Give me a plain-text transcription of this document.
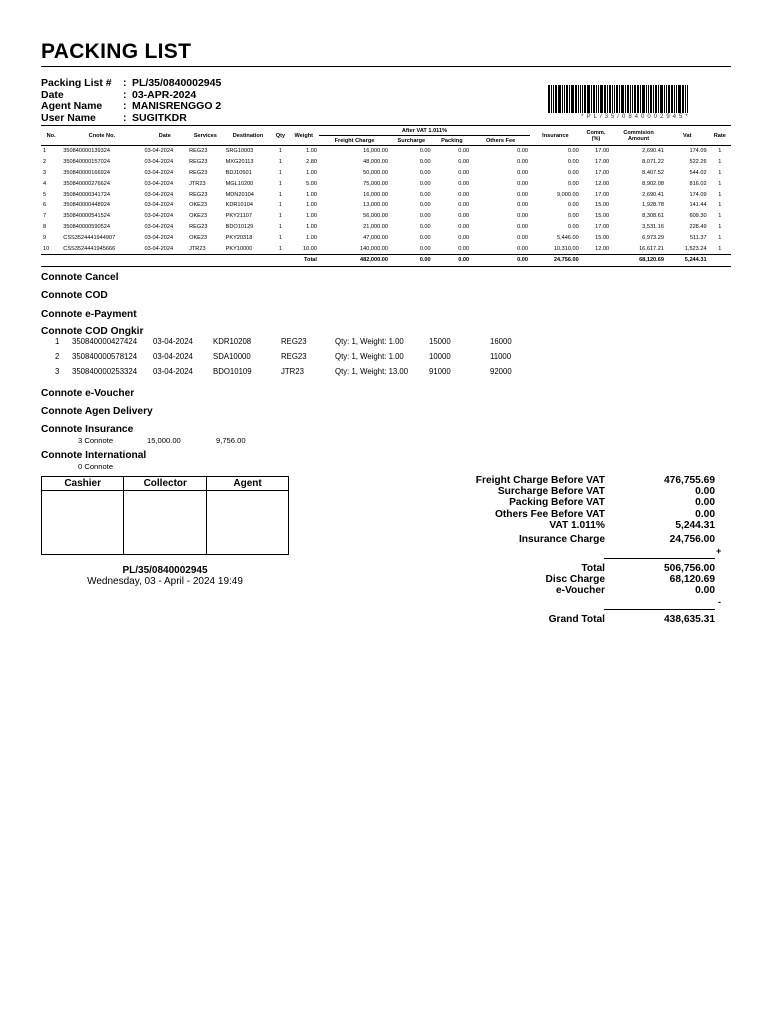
PACKING LIST
Packing List #	: PL/35/0840002945
Date	: 03-APR-2024
Agent Name	: MANISRENGGO 2
User Name	: SUGITKDR	*PL/35/0840002945*
No.	Cnote No.	Date	Services	Destination	Qty	Weight	After VAT 1.011%				Insurance	Comm. (%)	Commision Amount	Vat	Rate
							Freight Charge	Surcharge	Packing	Others Fee					
1	350840000139324	03-04-2024	REG23	SRG10003	1	1.00	16,000.00	0.00	0.00	0.00	0.00	17.00	2,690.41	174.09	1
2	350840000157024	03-04-2024	REG23	MXG20113	1	2.80	48,000.00	0.00	0.00	0.00	0.00	17.00	8,071.22	522.26	1
3	350840000166924	03-04-2024	REG23	BDJ10501	1	1.00	50,000.00	0.00	0.00	0.00	0.00	17.00	8,407.52	544.02	1
4	350840000276624	03-04-2024	JTR23	MGL10200	1	5.00	75,000.00	0.00	0.00	0.00	0.00	12.00	8,902.08	816.02	1
5	350840000341724	03-04-2024	REG23	MDN20104	1	1.00	16,000.00	0.00	0.00	0.00	9,000.00	17.00	2,690.41	174.09	1
6	350840000448924	03-04-2024	OKE23	KDR10104	1	1.00	13,000.00	0.00	0.00	0.00	0.00	15.00	1,928.78	141.44	1
7	350840000541524	03-04-2024	OKE23	PKY21107	1	1.00	56,000.00	0.00	0.00	0.00	0.00	15.00	8,308.61	609.30	1
8	350840000590524	03-04-2024	REG23	BDO10129	1	1.00	21,000.00	0.00	0.00	0.00	0.00	17.00	3,531.16	228.49	1
9	CSS3524441944907	03-04-2024	OKE23	PKY20318	1	1.00	47,000.00	0.00	0.00	0.00	5,446.00	15.00	6,973.29	511.37	1
10	CSS3524441945666	03-04-2024	JTR23	PKY10000	1	10.00	140,000.00	0.00	0.00	0.00	10,310.00	12.00	16,617.21	1,523.24	1
Total							482,000.00	0.00	0.00	0.00	24,756.00		68,120.69	5,244.31	
Connote Cancel
Connote COD
Connote e-Payment
Connote COD Ongkir
1 350840000427424 03-04-2024	KDR10208	REG23	Qty: 1, Weight: 1.00	15000	16000
2 350840000578124 03-04-2024	SDA10000	REG23	Qty: 1, Weight: 1.00	10000	11000
3 350840000253324 03-04-2024	BDO10109	JTR23	Qty: 1, Weight: 13.00	91000	92000
Connote e-Voucher
Connote Agen Delivery
Connote Insurance
3 Connote	15,000.00	9,756.00
Connote International
0 Connote
Cashier	Collector	Agent

PL/35/0840002945
Wednesday, 03 - April - 2024 19:49
Freight Charge Before VAT	476,755.69
Surcharge Before VAT	0.00
Packing Before VAT	0.00
Others Fee Before VAT	0.00
VAT 1.011%	5,244.31
Insurance Charge	24,756.00
Total	506,756.00
Disc Charge	68,120.69
e-Voucher	0.00
Grand Total	438,635.31
+
-
